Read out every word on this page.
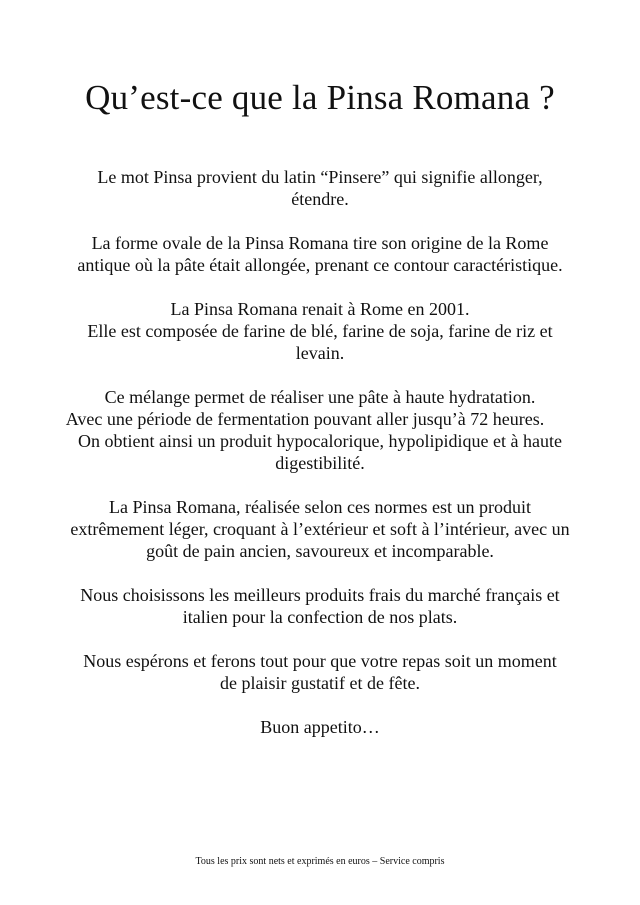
Qu’est-ce que la Pinsa Romana ?

Le mot Pinsa provient du latin “Pinsere” qui signifie allonger,
étendre.

La forme ovale de la Pinsa Romana tire son origine de la Rome
antique où la pâte était allongée, prenant ce contour caractéristique.

La Pinsa Romana renait à Rome en 2001.
Elle est composée de farine de blé, farine de soja, farine de riz et
levain.

Ce mélange permet de réaliser une pâte à haute hydratation.
Avec une période de fermentation pouvant aller jusqu’à 72 heures.
On obtient ainsi un produit hypocalorique, hypolipidique et à haute
digestibilité.

La Pinsa Romana, réalisée selon ces normes est un produit
extrêmement léger, croquant à l’extérieur et soft à l’intérieur, avec un
goût de pain ancien, savoureux et incomparable.

Nous choisissons les meilleurs produits frais du marché français et
italien pour la confection de nos plats.

Nous espérons et ferons tout pour que votre repas soit un moment
de plaisir gustatif et de fête.

Buon appetito…

Tous les prix sont nets et exprimés en euros – Service compris
